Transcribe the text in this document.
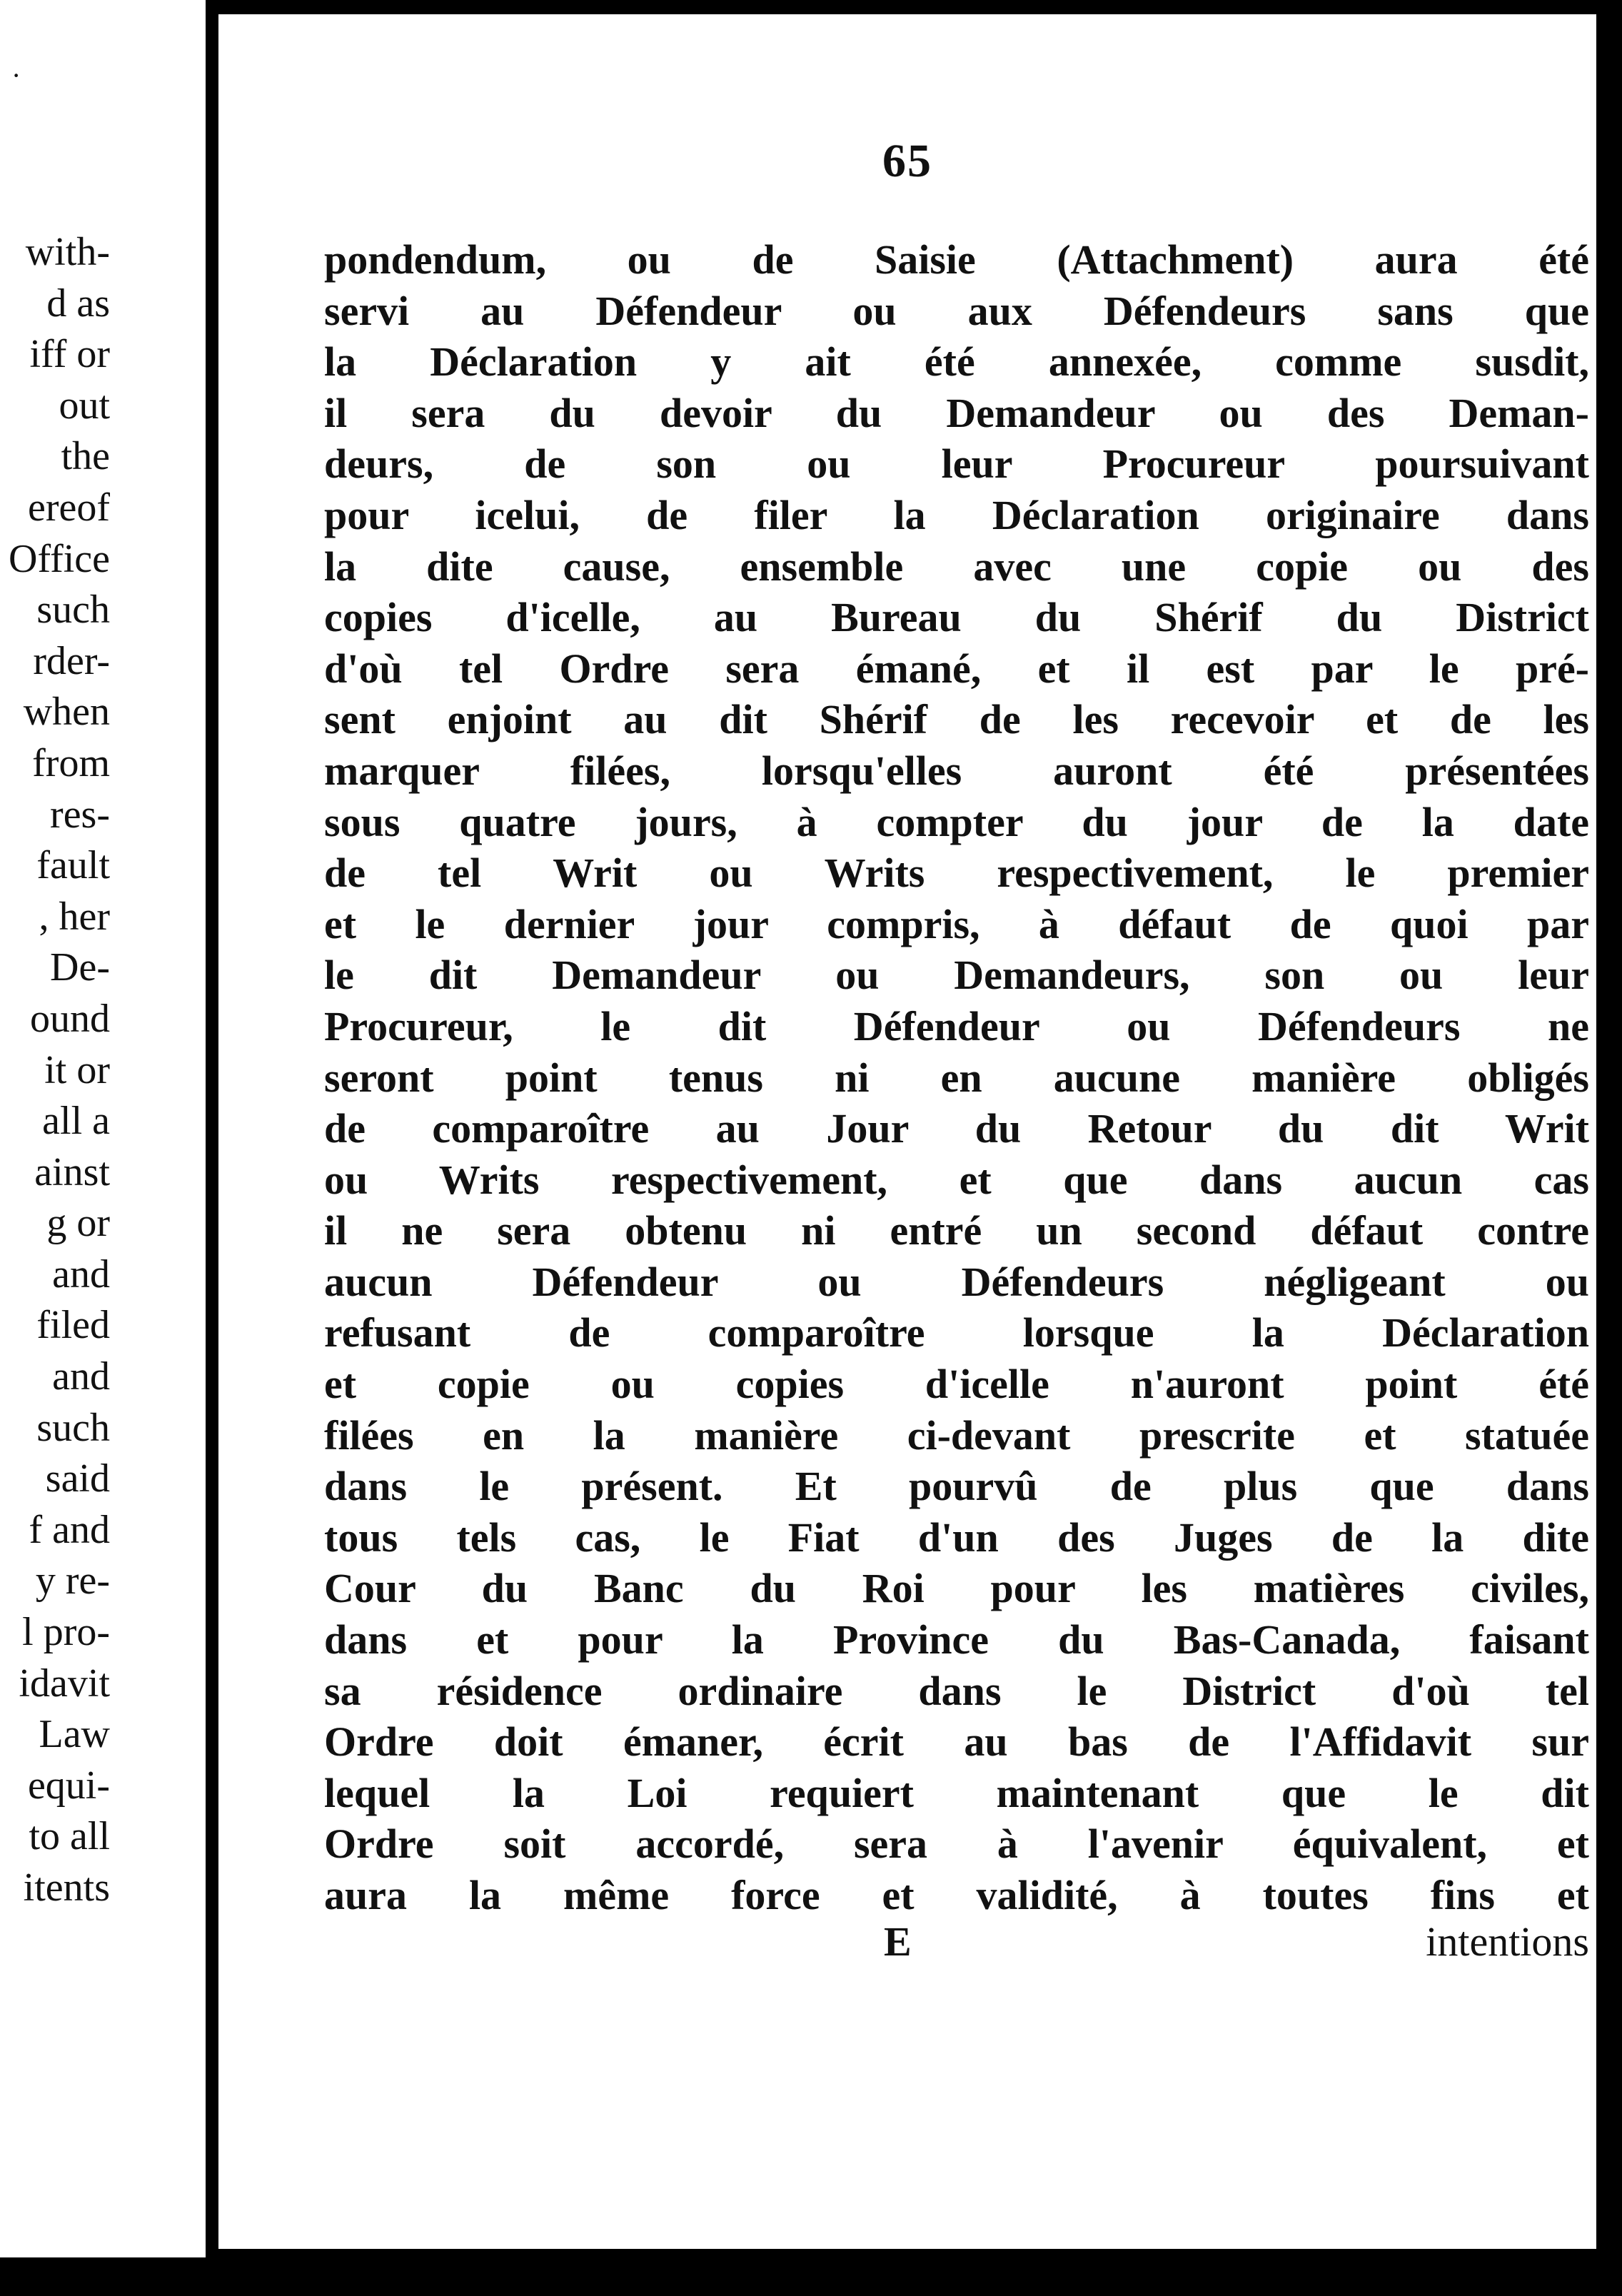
·
with-
d as
iff or
out
the
ereof
Office
such
rder-
when
from
res-
fault
, her
De-
ound
it or
all a
ainst
g or
and
filed
and
such
said
f and
y re-
l pro-
idavit
Law
equi-
to all
itents
65
pondendum, ou de Saisie (Attachment) aura été
servi au Défendeur ou aux Défendeurs sans que
la Déclaration y ait été annexée, comme susdit,
il sera du devoir du Demandeur ou des Deman-
deurs, de son ou leur Procureur poursuivant
pour icelui, de filer la Déclaration originaire dans
la dite cause, ensemble avec une copie ou des
copies d'icelle, au Bureau du Shérif du District
d'où tel Ordre sera émané, et il est par le pré-
sent enjoint au dit Shérif de les recevoir et de les
marquer filées, lorsqu'elles auront été présentées
sous quatre jours, à compter du jour de la date
de tel Writ ou Writs respectivement, le premier
et le dernier jour compris, à défaut de quoi par
le dit Demandeur ou Demandeurs, son ou leur
Procureur, le dit Défendeur ou Défendeurs ne
seront point tenus ni en aucune manière obligés
de comparoître au Jour du Retour du dit Writ
ou Writs respectivement, et que dans aucun cas
il ne sera obtenu ni entré un second défaut contre
aucun Défendeur ou Défendeurs négligeant ou
refusant de comparoître lorsque la Déclaration
et copie ou copies d'icelle n'auront point été
filées en la manière ci-devant prescrite et statuée
dans le présent. Et pourvû de plus que dans
tous tels cas, le Fiat d'un des Juges de la dite
Cour du Banc du Roi pour les matières civiles,
dans et pour la Province du Bas-Canada, faisant
sa résidence ordinaire dans le District d'où tel
Ordre doit émaner, écrit au bas de l'Affidavit sur
lequel la Loi requiert maintenant que le dit
Ordre soit accordé, sera à l'avenir équivalent, et
aura la même force et validité, à toutes fins et
E	intentions
